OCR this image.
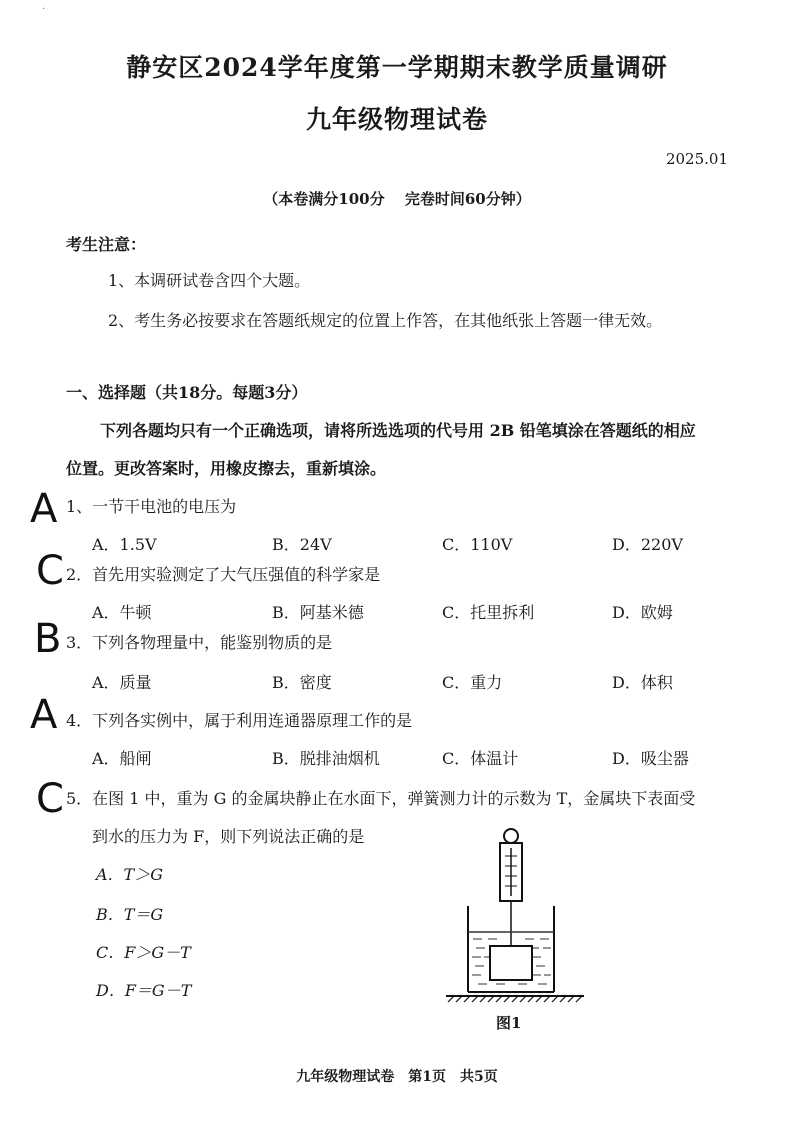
·
静安区2024学年度第一学期期末教学质量调研
九年级物理试卷
2025.01
（本卷满分100分　 完卷时间60分钟）
考生注意：
1、本调研试卷含四个大题。
2、考生务必按要求在答题纸规定的位置上作答，在其他纸张上答题一律无效。
一、选择题（共18分。每题3分）
下列各题均只有一个正确选项，请将所选选项的代号用 2B 铅笔填涂在答题纸的相应
位置。更改答案时，用橡皮擦去，重新填涂。
A 1、一节干电池的电压为
A．1.5V	B．24V	C．110V	D．220V
C 2．首先用实验测定了大气压强值的科学家是
A．牛顿	B．阿基米德	C．托里拆利	D．欧姆
B 3．下列各物理量中，能鉴别物质的是
A．质量	B．密度	C．重力	D．体积
A 4．下列各实例中，属于利用连通器原理工作的是
A．船闸	B．脱排油烟机	C．体温计	D．吸尘器
C 5．在图 1 中，重为 G 的金属块静止在水面下，弹簧测力计的示数为 T，金属块下表面受
到水的压力为 F，则下列说法正确的是
A．T＞G
B．T＝G
C．F＞G－T
D．F＝G－T
图1
九年级物理试卷　第1页　共5页
